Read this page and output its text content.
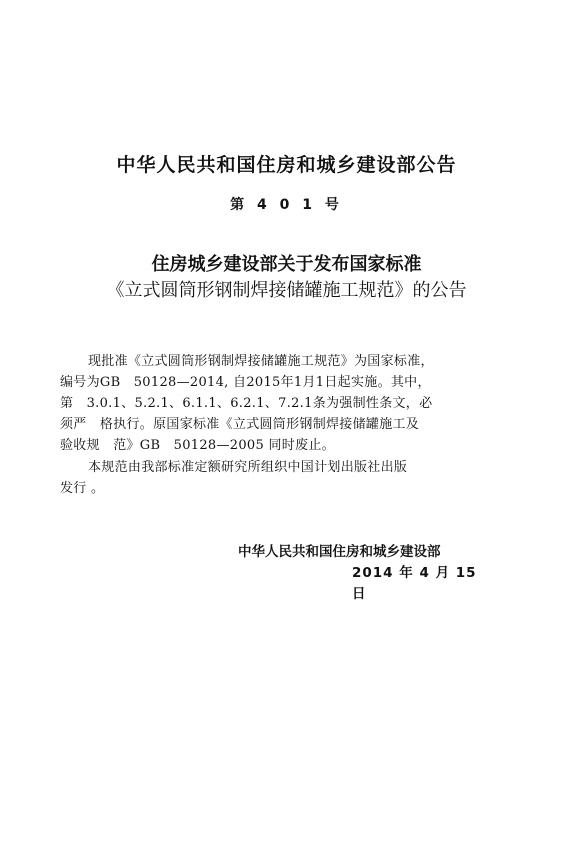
中华人民共和国住房和城乡建设部公告
第 4 0 1 号
住房城乡建设部关于发布国家标准
《立式圆筒形钢制焊接储罐施工规范》的公告
现批准《立式圆筒形钢制焊接储罐施工规范》为国家标准，
编号为GB　50128—2014, 自2015年1月1日起实施。其中，
第　3.0.1、5.2.1、6.1.1、6.2.1、7.2.1条为强制性条文，必
须严　格执行。原国家标准《立式圆筒形钢制焊接储罐施工及
验收规　范》GB　50128—2005 同时废止。
本规范由我部标准定额研究所组织中国计划出版社出版
发行 。
中华人民共和国住房和城乡建设部
2014 年 4 月 15
日
